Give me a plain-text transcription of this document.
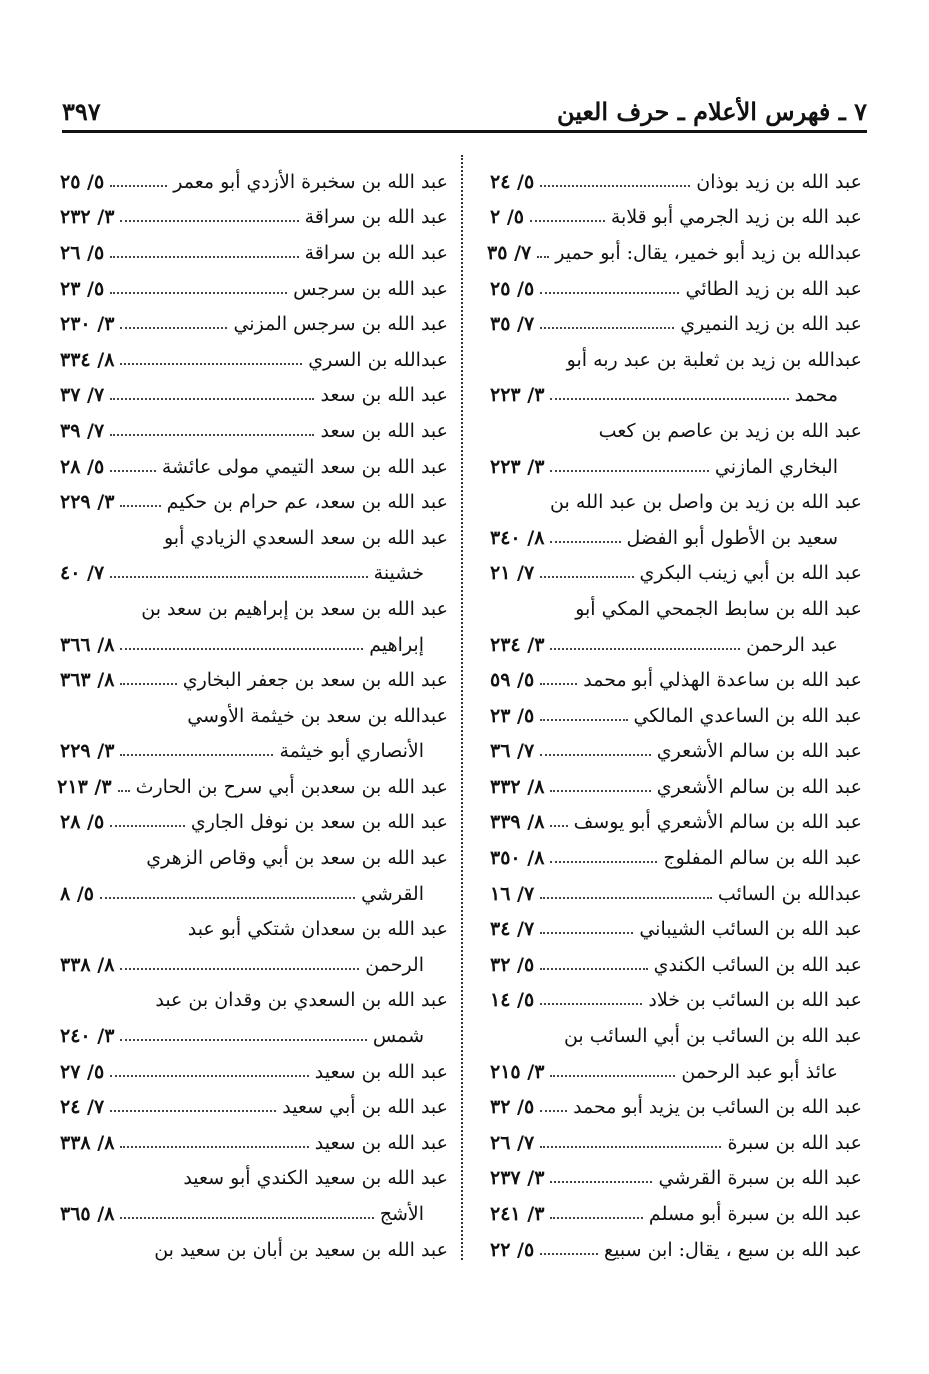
٧ ـ فهرس الأعلام ـ حرف العين
٣٩٧
عبد الله بن زيد بوذان
٥/ ٢٤
عبد الله بن زيد الجرمي أبو قلابة
٥/ ٢
عبدالله بن زيد أبو خمير، يقال: أبو حمير
٧/ ٣٥
عبد الله بن زيد الطائي
٥/ ٢٥
عبد الله بن زيد النميري
٧/ ٣٥
عبدالله بن زيد بن ثعلبة بن عبد ربه أبو
محمد
٣/ ٢٢٣
عبد الله بن زيد بن عاصم بن كعب
البخاري المازني
٣/ ٢٢٣
عبد الله بن زيد بن واصل بن عبد الله بن
سعيد بن الأطول أبو الفضل
٨/ ٣٤٠
عبد الله بن أبي زينب البكري
٧/ ٢١
عبد الله بن سابط الجمحي المكي أبو
عبد الرحمن
٣/ ٢٣٤
عبد الله بن ساعدة الهذلي أبو محمد
٥/ ٥٩
عبد الله بن الساعدي المالكي
٥/ ٢٣
عبد الله بن سالم الأشعري
٧/ ٣٦
عبد الله بن سالم الأشعري
٨/ ٣٣٢
عبد الله بن سالم الأشعري أبو يوسف
٨/ ٣٣٩
عبد الله بن سالم المفلوج
٨/ ٣٥٠
عبدالله بن السائب
٧/ ١٦
عبد الله بن السائب الشيباني
٧/ ٣٤
عبد الله بن السائب الكندي
٥/ ٣٢
عبد الله بن السائب بن خلاد
٥/ ١٤
عبد الله بن السائب بن أبي السائب بن
عائذ أبو عبد الرحمن
٣/ ٢١٥
عبد الله بن السائب بن يزيد أبو محمد
٥/ ٣٢
عبد الله بن سبرة
٧/ ٢٦
عبد الله بن سبرة القرشي
٣/ ٢٣٧
عبد الله بن سبرة أبو مسلم
٣/ ٢٤١
عبد الله بن سبع ، يقال: ابن سبيع
٥/ ٢٢
عبد الله بن سخبرة الأزدي أبو معمر
٥/ ٢٥
عبد الله بن سراقة
٣/ ٢٣٢
عبد الله بن سراقة
٥/ ٢٦
عبد الله بن سرجس
٥/ ٢٣
عبد الله بن سرجس المزني
٣/ ٢٣٠
عبدالله بن السري
٨/ ٣٣٤
عبد الله بن سعد
٧/ ٣٧
عبد الله بن سعد
٧/ ٣٩
عبد الله بن سعد التيمي مولى عائشة
٥/ ٢٨
عبد الله بن سعد، عم حرام بن حكيم
٣/ ٢٢٩
عبد الله بن سعد السعدي الزيادي أبو
خشينة
٧/ ٤٠
عبد الله بن سعد بن إبراهيم بن سعد بن
إبراهيم
٨/ ٣٦٦
عبد الله بن سعد بن جعفر البخاري
٨/ ٣٦٣
عبدالله بن سعد بن خيثمة الأوسي
الأنصاري أبو خيثمة
٣/ ٢٢٩
عبد الله بن سعدبن أبي سرح بن الحارث
٣/ ٢١٣
عبد الله بن سعد بن نوفل الجاري
٥/ ٢٨
عبد الله بن سعد بن أبي وقاص الزهري
القرشي
٥/ ٨
عبد الله بن سعدان شتكي أبو عبد
الرحمن
٨/ ٣٣٨
عبد الله بن السعدي بن وقدان بن عبد
شمس
٣/ ٢٤٠
عبد الله بن سعيد
٥/ ٢٧
عبد الله بن أبي سعيد
٧/ ٢٤
عبد الله بن سعيد
٨/ ٣٣٨
عبد الله بن سعيد الكندي أبو سعيد
الأشج
٨/ ٣٦٥
عبد الله بن سعيد بن أبان بن سعيد بن
